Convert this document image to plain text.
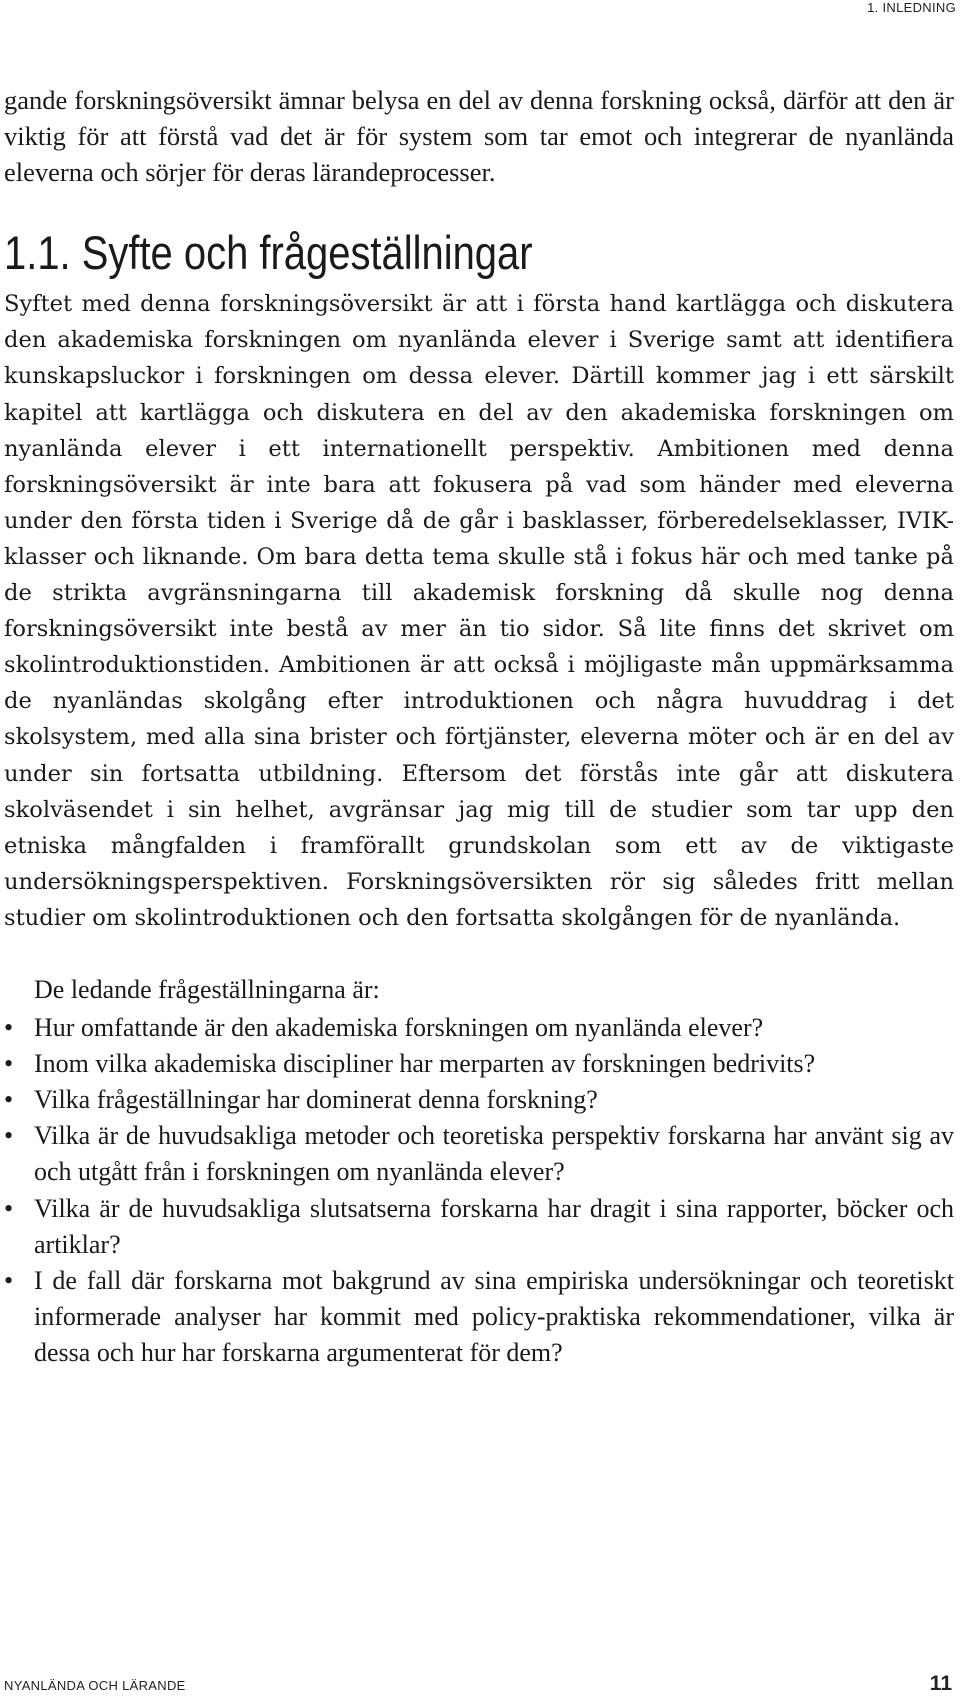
1. INLEDNING

gande forskningsöversikt ämnar belysa en del av denna forskning också, därför att den är viktig för att förstå vad det är för system som tar emot och integrerar de nyanlända eleverna och sörjer för deras lärandeprocesser.

1.1. Syfte och frågeställningar

Syftet med denna forskningsöversikt är att i första hand kartlägga och diskutera den akademiska forskningen om nyanlända elever i Sverige samt att identifiera kunskapsluckor i forskningen om dessa elever. Därtill kommer jag i ett särskilt kapitel att kartlägga och diskutera en del av den akademiska forskningen om nyanlända elever i ett internationellt perspektiv. Ambitionen med denna forskningsöversikt är inte bara att fokusera på vad som händer med eleverna under den första tiden i Sverige då de går i basklasser, förberedelseklasser, IVIK-klasser och liknande. Om bara detta tema skulle stå i fokus här och med tanke på de strikta avgränsningarna till akademisk forskning då skulle nog denna forskningsöversikt inte bestå av mer än tio sidor. Så lite finns det skrivet om skolintroduktionstiden. Ambitionen är att också i möjligaste mån uppmärksamma de nyanländas skolgång efter introduktionen och några huvuddrag i det skolsystem, med alla sina brister och förtjänster, eleverna möter och är en del av under sin fortsatta utbildning. Eftersom det förstås inte går att diskutera skolväsendet i sin helhet, avgränsar jag mig till de studier som tar upp den etniska mångfalden i framförallt grundskolan som ett av de viktigaste undersökningsperspektiven. Forskningsöversikten rör sig således fritt mellan studier om skolintroduktionen och den fortsatta skolgången för de nyanlända.

De ledande frågeställningarna är:

• Hur omfattande är den akademiska forskningen om nyanlända elever?
• Inom vilka akademiska discipliner har merparten av forskningen bedrivits?
• Vilka frågeställningar har dominerat denna forskning?
• Vilka är de huvudsakliga metoder och teoretiska perspektiv forskarna har använt sig av och utgått från i forskningen om nyanlända elever?
• Vilka är de huvudsakliga slutsatserna forskarna har dragit i sina rapporter, böcker och artiklar?
• I de fall där forskarna mot bakgrund av sina empiriska undersökningar och teoretiskt informerade analyser har kommit med policy-praktiska rekommendationer, vilka är dessa och hur har forskarna argumenterat för dem?
NYANLÄNDA OCH LÄRANDE	11
